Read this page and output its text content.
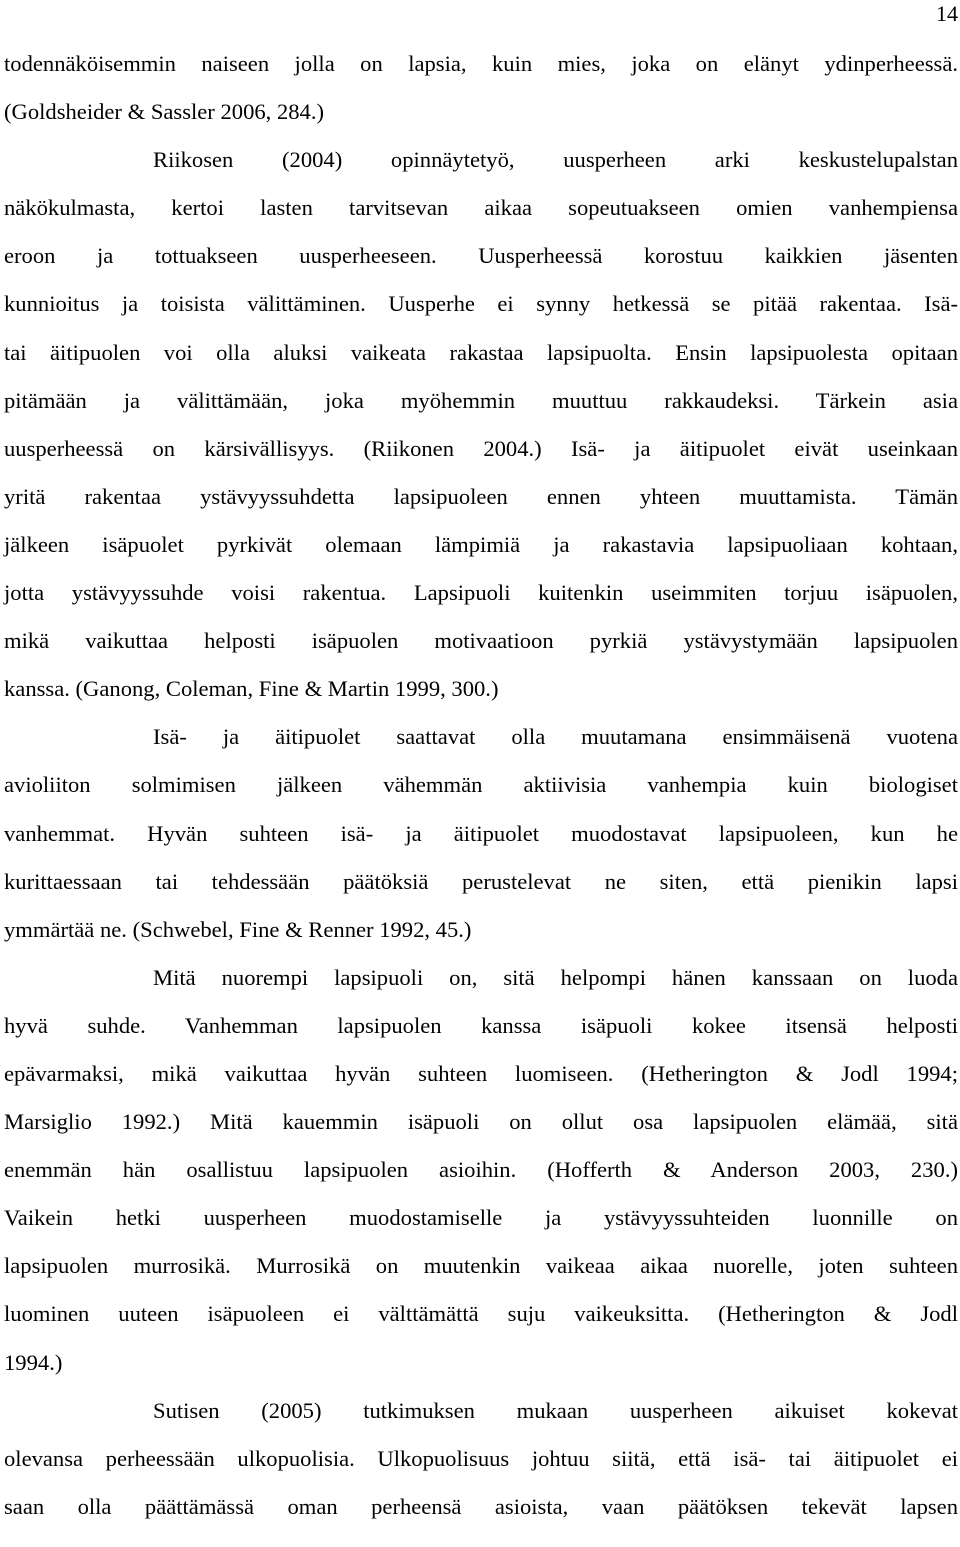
14
todennäköisemmin naiseen jolla on lapsia, kuin mies, joka on elänyt ydinperheessä.
(Goldsheider & Sassler 2006, 284.)
Riikosen (2004) opinnäytetyö, uusperheen arki keskustelupalstan
näkökulmasta, kertoi lasten tarvitsevan aikaa sopeutuakseen omien vanhempiensa
eroon ja tottuakseen uusperheeseen. Uusperheessä korostuu kaikkien jäsenten
kunnioitus ja toisista välittäminen. Uusperhe ei synny hetkessä se pitää rakentaa. Isä-
tai äitipuolen voi olla aluksi vaikeata rakastaa lapsipuolta. Ensin lapsipuolesta opitaan
pitämään ja välittämään, joka myöhemmin muuttuu rakkaudeksi. Tärkein asia
uusperheessä on kärsivällisyys. (Riikonen 2004.) Isä- ja äitipuolet eivät useinkaan
yritä rakentaa ystävyyssuhdetta lapsipuoleen ennen yhteen muuttamista. Tämän
jälkeen isäpuolet pyrkivät olemaan lämpimiä ja rakastavia lapsipuoliaan kohtaan,
jotta ystävyyssuhde voisi rakentua. Lapsipuoli kuitenkin useimmiten torjuu isäpuolen,
mikä vaikuttaa helposti isäpuolen motivaatioon pyrkiä ystävystymään lapsipuolen
kanssa. (Ganong, Coleman, Fine & Martin 1999, 300.)
Isä- ja äitipuolet saattavat olla muutamana ensimmäisenä vuotena
avioliiton solmimisen jälkeen vähemmän aktiivisia vanhempia kuin biologiset
vanhemmat. Hyvän suhteen isä- ja äitipuolet muodostavat lapsipuoleen, kun he
kurittaessaan tai tehdessään päätöksiä perustelevat ne siten, että pienikin lapsi
ymmärtää ne. (Schwebel, Fine & Renner 1992, 45.)
Mitä nuorempi lapsipuoli on, sitä helpompi hänen kanssaan on luoda
hyvä suhde. Vanhemman lapsipuolen kanssa isäpuoli kokee itsensä helposti
epävarmaksi, mikä vaikuttaa hyvän suhteen luomiseen. (Hetherington & Jodl 1994;
Marsiglio 1992.) Mitä kauemmin isäpuoli on ollut osa lapsipuolen elämää, sitä
enemmän hän osallistuu lapsipuolen asioihin. (Hofferth & Anderson 2003, 230.)
Vaikein hetki uusperheen muodostamiselle ja ystävyyssuhteiden luonnille on
lapsipuolen murrosikä. Murrosikä on muutenkin vaikeaa aikaa nuorelle, joten suhteen
luominen uuteen isäpuoleen ei välttämättä suju vaikeuksitta. (Hetherington & Jodl
1994.)
Sutisen (2005) tutkimuksen mukaan uusperheen aikuiset kokevat
olevansa perheessään ulkopuolisia. Ulkopuolisuus johtuu siitä, että isä- tai äitipuolet ei
saan olla päättämässä oman perheensä asioista, vaan päätöksen tekevät lapsen
